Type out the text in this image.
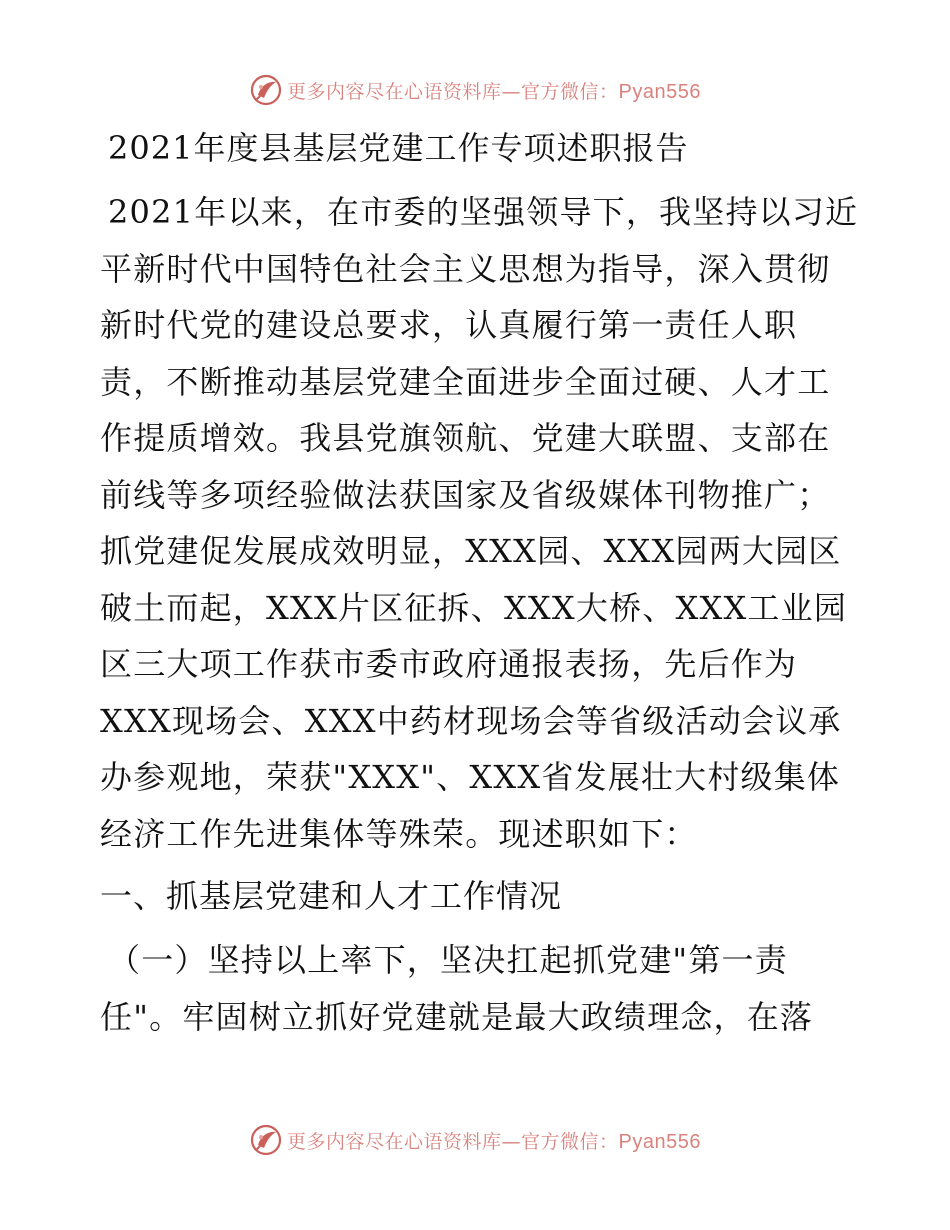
更多内容尽在心语资料库—官方微信：Pyan556
2021年度县基层党建工作专项述职报告

2021年以来，在市委的坚强领导下，我坚持以习近平新时代中国特色社会主义思想为指导，深入贯彻新时代党的建设总要求，认真履行第一责任人职责，不断推动基层党建全面进步全面过硬、人才工作提质增效。我县党旗领航、党建大联盟、支部在前线等多项经验做法获国家及省级媒体刊物推广；抓党建促发展成效明显，XXX园、XXX园两大园区破土而起，XXX片区征拆、XXX大桥、XXX工业园区三大项工作获市委市政府通报表扬，先后作为XXX现场会、XXX中药材现场会等省级活动会议承办参观地，荣获"XXX"、XXX省发展壮大村级集体经济工作先进集体等殊荣。现述职如下：

一、抓基层党建和人才工作情况

（一）坚持以上率下，坚决扛起抓党建"第一责任"。牢固树立抓好党建就是最大政绩理念，在落

更多内容尽在心语资料库—官方微信：Pyan556
